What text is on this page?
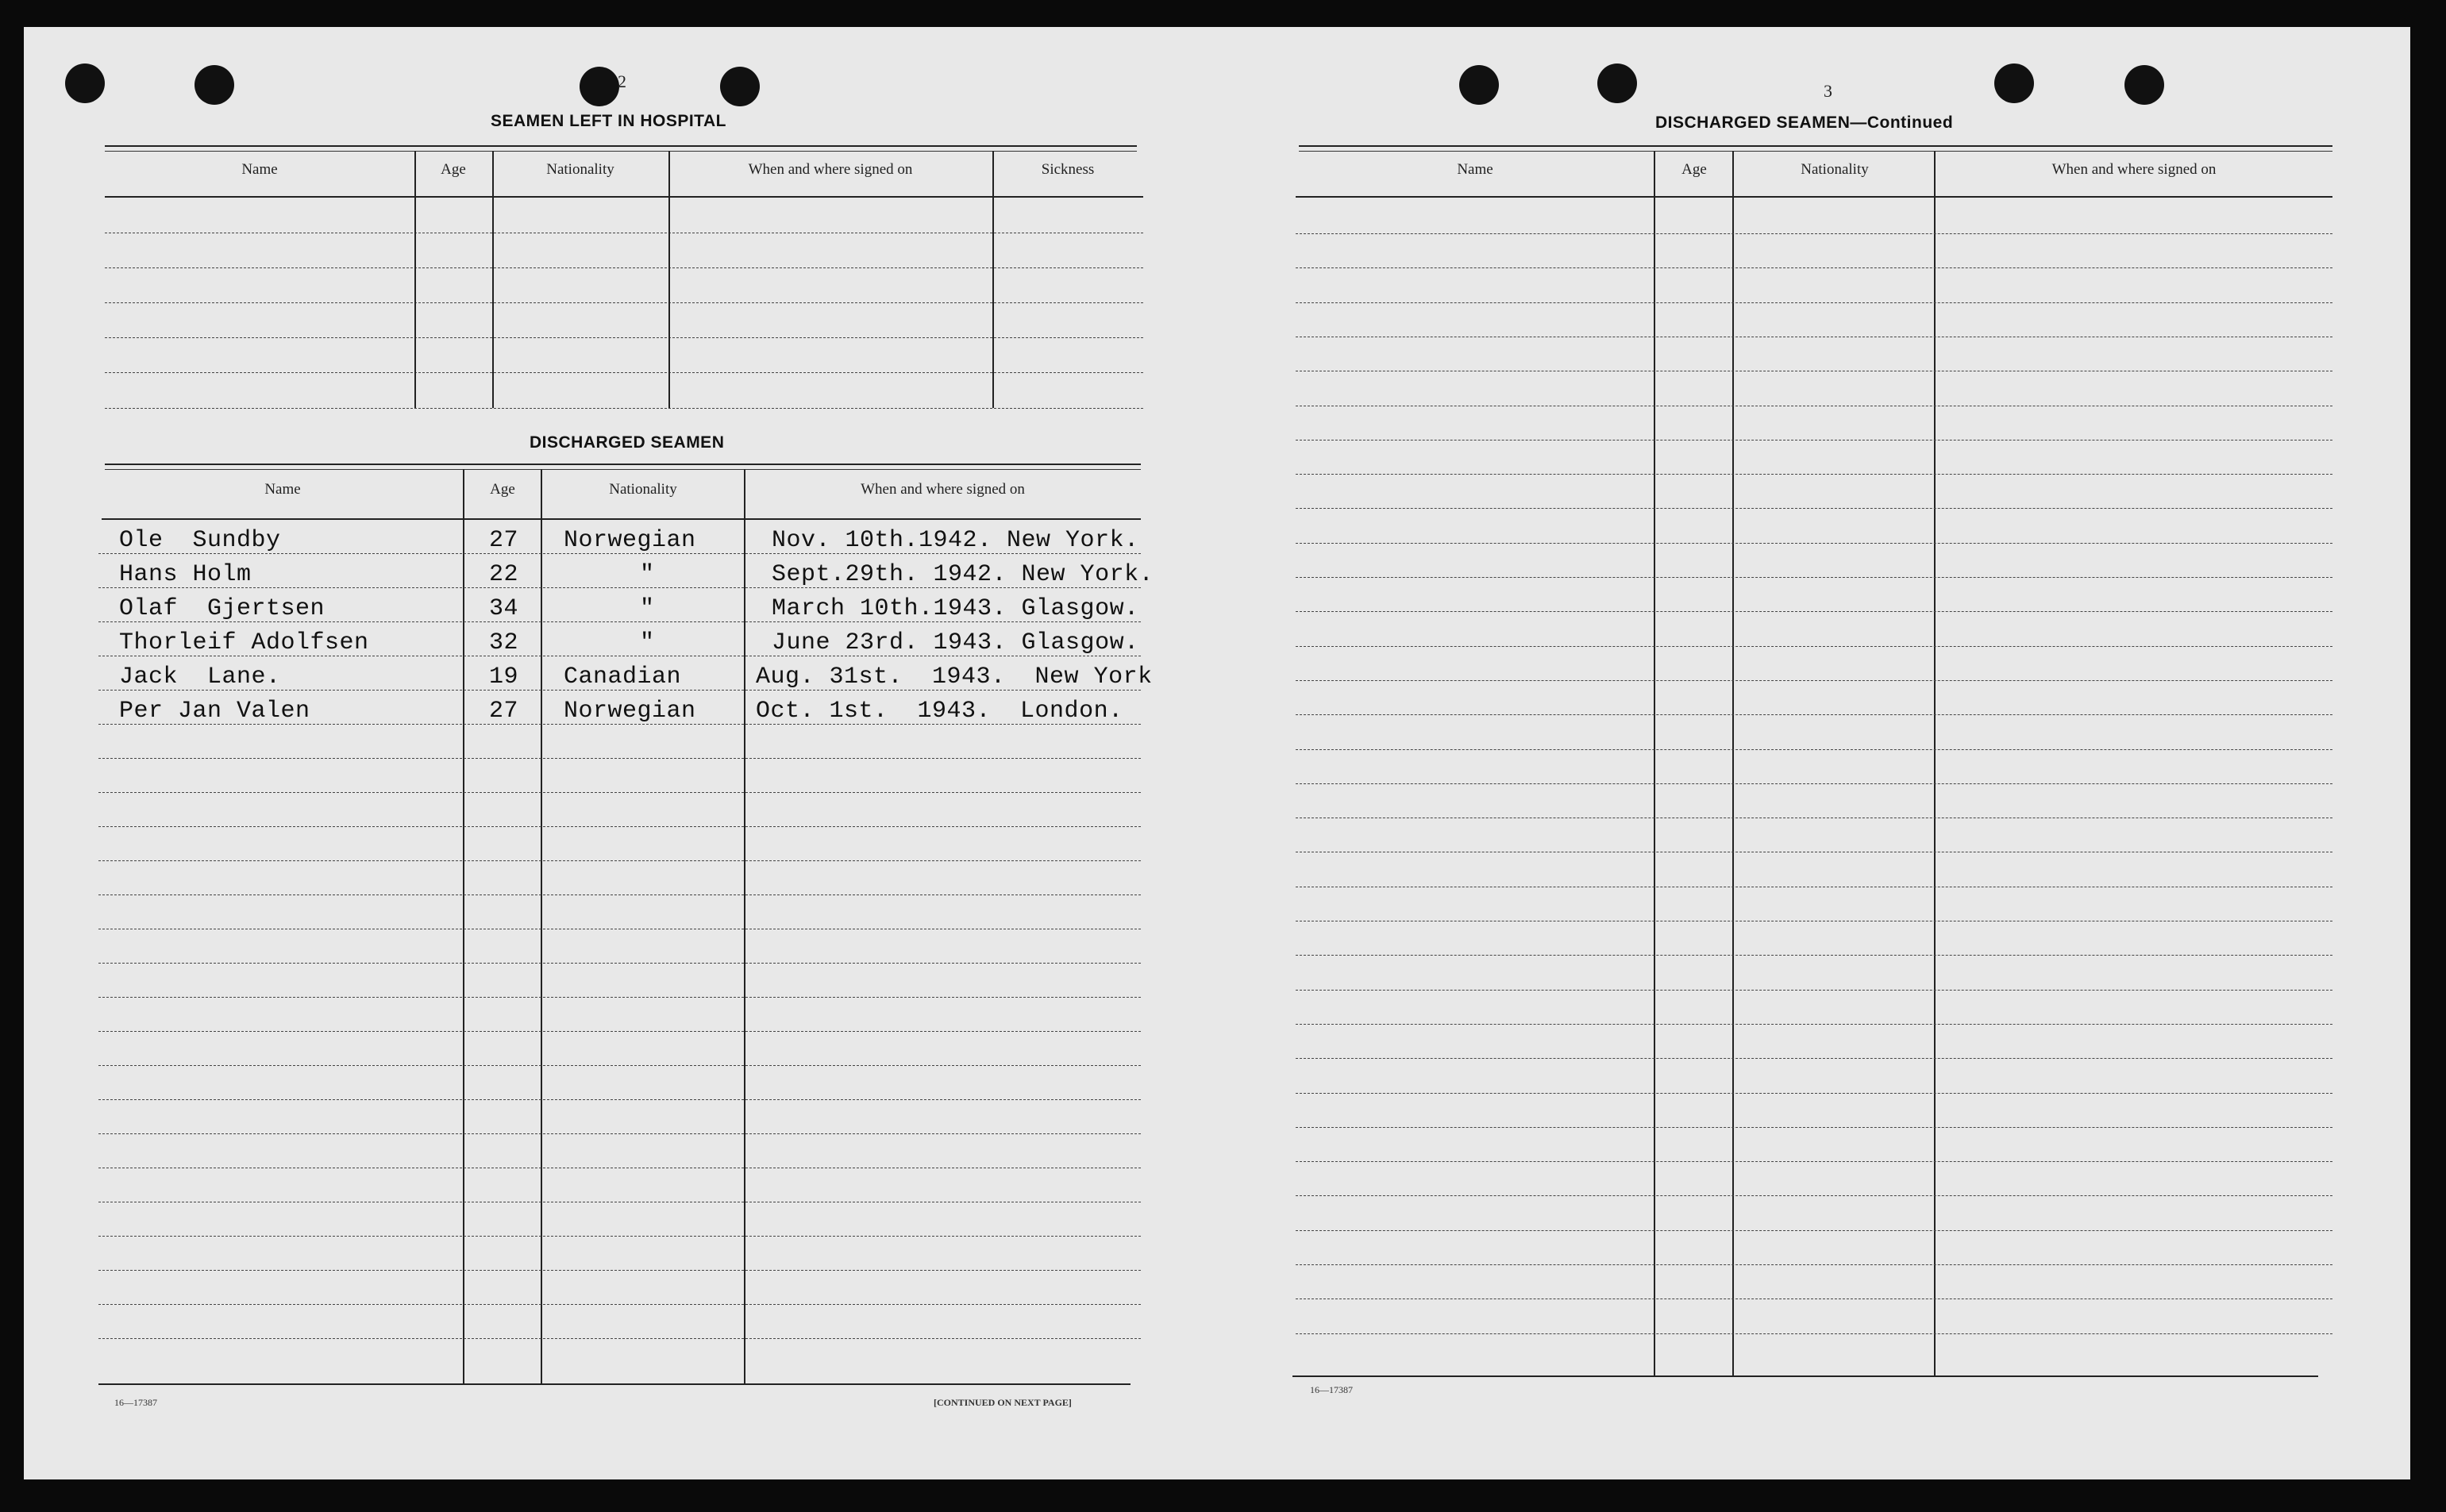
2
SEAMEN LEFT IN HOSPITAL
Name	Age	Nationality	When and where signed on	Sickness
DISCHARGED SEAMEN
Name	Age	Nationality	When and where signed on
16—17387	[CONTINUED ON NEXT PAGE]
Ole  Sundby	27 Norwegian	Nov. 10th.1942. New York.
Hans Holm	22	"	Sept.29th. 1942. New York.
Olaf  Gjertsen	34	"	March 10th.1943. Glasgow.
Thorleif Adolfsen	32	"	June 23rd. 1943. Glasgow.
Jack  Lane.	19 Canadian	Aug. 31st.  1943.  New York
Per Jan Valen	27 Norwegian	Oct. 1st.  1943.  London.
3
DISCHARGED SEAMEN—Continued
Name	Age	Nationality	When and where signed on
16—17387
